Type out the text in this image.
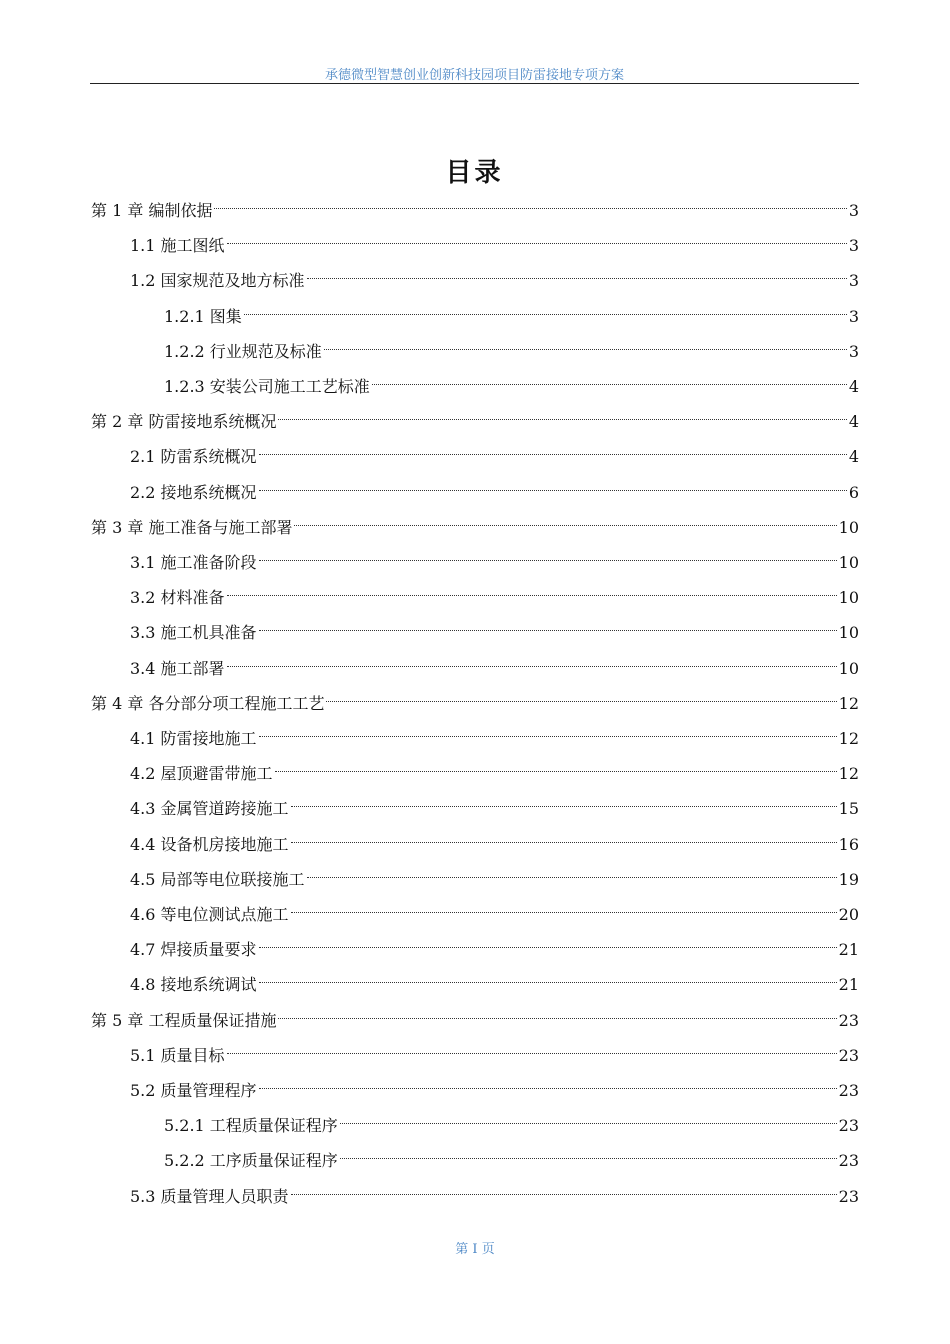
承德微型智慧创业创新科技园项目防雷接地专项方案
目录
第 1 章 编制依据	3
1.1 施工图纸	3
1.2 国家规范及地方标准	3
1.2.1 图集	3
1.2.2 行业规范及标准	3
1.2.3 安装公司施工工艺标准	4
第 2 章 防雷接地系统概况	4
2.1 防雷系统概况	4
2.2 接地系统概况	6
第 3 章 施工准备与施工部署	10
3.1 施工准备阶段	10
3.2 材料准备	10
3.3 施工机具准备	10
3.4 施工部署	10
第 4 章 各分部分项工程施工工艺	12
4.1 防雷接地施工	12
4.2 屋顶避雷带施工	12
4.3 金属管道跨接施工	15
4.4 设备机房接地施工	16
4.5 局部等电位联接施工	19
4.6 等电位测试点施工	20
4.7 焊接质量要求	21
4.8 接地系统调试	21
第 5 章 工程质量保证措施	23
5.1 质量目标	23
5.2 质量管理程序	23
5.2.1 工程质量保证程序	23
5.2.2 工序质量保证程序	23
5.3 质量管理人员职责	23
第 I 页
